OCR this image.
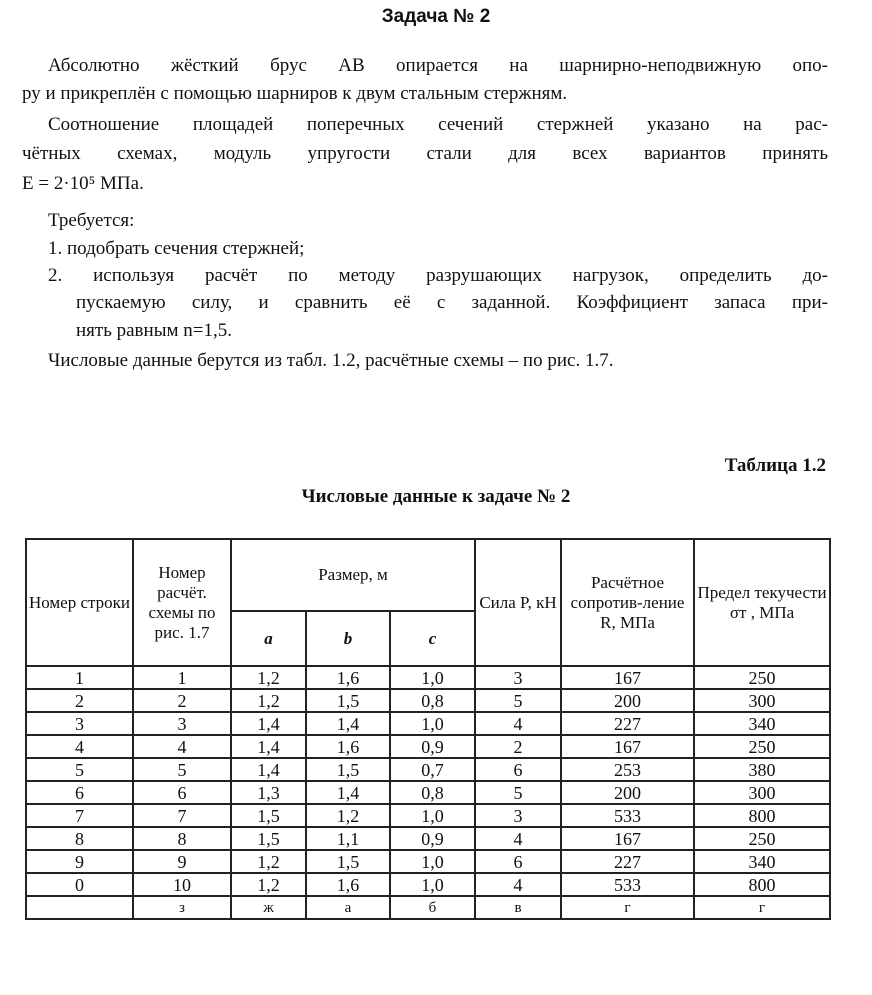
Задача № 2
Абсолютно жёсткий брус AB опирается на шарнирно-неподвижную опо-
ру и прикреплён с помощью шарниров к двум стальным стержням.
Соотношение площадей поперечных сечений стержней указано на рас-
чётных схемах, модуль упругости стали для всех вариантов принять
E = 2·10⁵ МПа.
Требуется:
1. подобрать сечения стержней;
2. используя расчёт по методу разрушающих нагрузок, определить до-
пускаемую силу, и сравнить её с заданной. Коэффициент запаса при-
нять равным n=1,5.
Числовые данные берутся из табл. 1.2, расчётные схемы – по рис. 1.7.
Таблица 1.2
Числовые данные к задаче № 2
Номер строки	Номер расчёт. схемы по рис. 1.7	Размер, м			Сила P, кН	Расчётное сопротив-ление R, МПа	Предел текучести σт , МПа
		a	b	c			
1	1	1,2	1,6	1,0	3	167	250
2	2	1,2	1,5	0,8	5	200	300
3	3	1,4	1,4	1,0	4	227	340
4	4	1,4	1,6	0,9	2	167	250
5	5	1,4	1,5	0,7	6	253	380
6	6	1,3	1,4	0,8	5	200	300
7	7	1,5	1,2	1,0	3	533	800
8	8	1,5	1,1	0,9	4	167	250
9	9	1,2	1,5	1,0	6	227	340
0	10	1,2	1,6	1,0	4	533	800
	з	ж	а	б	в	г	г
